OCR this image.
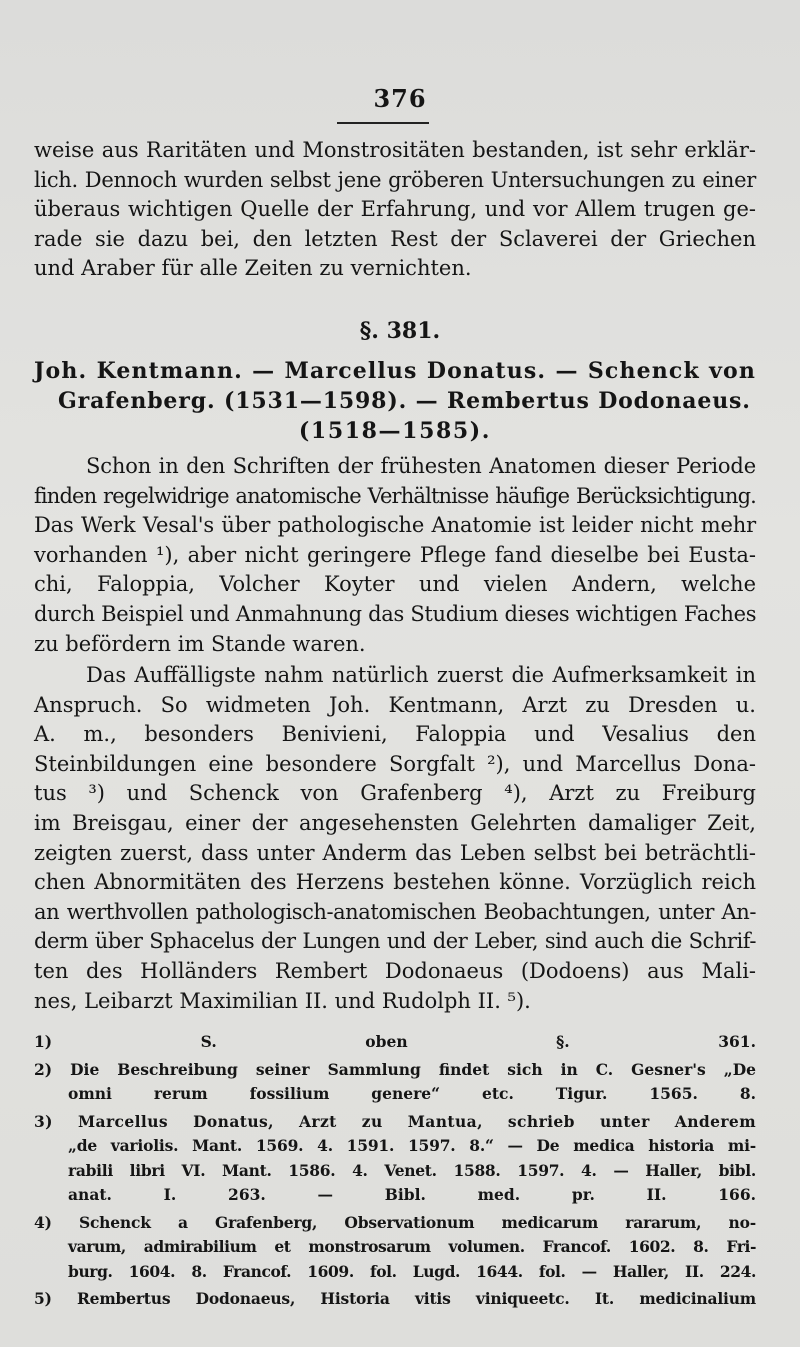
376
weise aus Raritäten und Monstrositäten bestanden, ist sehr erklär-
lich. Dennoch wurden selbst jene gröberen Untersuchungen zu einer
überaus wichtigen Quelle der Erfahrung, und vor Allem trugen ge-
rade sie dazu bei, den letzten Rest der Sclaverei der Griechen
und Araber für alle Zeiten zu vernichten.
§. 381.
Joh. Kentmann. — Marcellus Donatus. — Schenck von
Grafenberg. (1531—1598). — Rembertus Dodonaeus.
(1518—1585).
Schon in den Schriften der frühesten Anatomen dieser Periode
finden regelwidrige anatomische Verhältnisse häufige Berücksichtigung.
Das Werk Vesal's über pathologische Anatomie ist leider nicht mehr
vorhanden ¹), aber nicht geringere Pflege fand dieselbe bei Eusta-
chi, Faloppia, Volcher Koyter und vielen Andern, welche
durch Beispiel und Anmahnung das Studium dieses wichtigen Faches
zu befördern im Stande waren.
Das Auffälligste nahm natürlich zuerst die Aufmerksamkeit in
Anspruch. So widmeten Joh. Kentmann, Arzt zu Dresden u.
A. m., besonders Benivieni, Faloppia und Vesalius den
Steinbildungen eine besondere Sorgfalt ²), und Marcellus Dona-
tus ³) und Schenck von Grafenberg ⁴), Arzt zu Freiburg
im Breisgau, einer der angesehensten Gelehrten damaliger Zeit,
zeigten zuerst, dass unter Anderm das Leben selbst bei beträchtli-
chen Abnormitäten des Herzens bestehen könne. Vorzüglich reich
an werthvollen pathologisch-anatomischen Beobachtungen, unter An-
derm über Sphacelus der Lungen und der Leber, sind auch die Schrif-
ten des Holländers Rembert Dodonaeus (Dodoens) aus Mali-
nes, Leibarzt Maximilian II. und Rudolph II. ⁵).
1) S. oben §. 361.
2) Die Beschreibung seiner Sammlung findet sich in C. Gesner's „De
omni rerum fossilium genere“ etc. Tigur. 1565. 8.
3) Marcellus Donatus, Arzt zu Mantua, schrieb unter Anderem
„de variolis. Mant. 1569. 4. 1591. 1597. 8.“ — De medica historia mi-
rabili libri VI. Mant. 1586. 4. Venet. 1588. 1597. 4. — Haller, bibl.
anat. I. 263. — Bibl. med. pr. II. 166.
4) Schenck a Grafenberg, Observationum medicarum rararum, no-
varum, admirabilium et monstrosarum volumen. Francof. 1602. 8. Fri-
burg. 1604. 8. Francof. 1609. fol. Lugd. 1644. fol. — Haller, II. 224.
5) Rembertus Dodonaeus, Historia vitis viniqueetc. It. medicinalium
